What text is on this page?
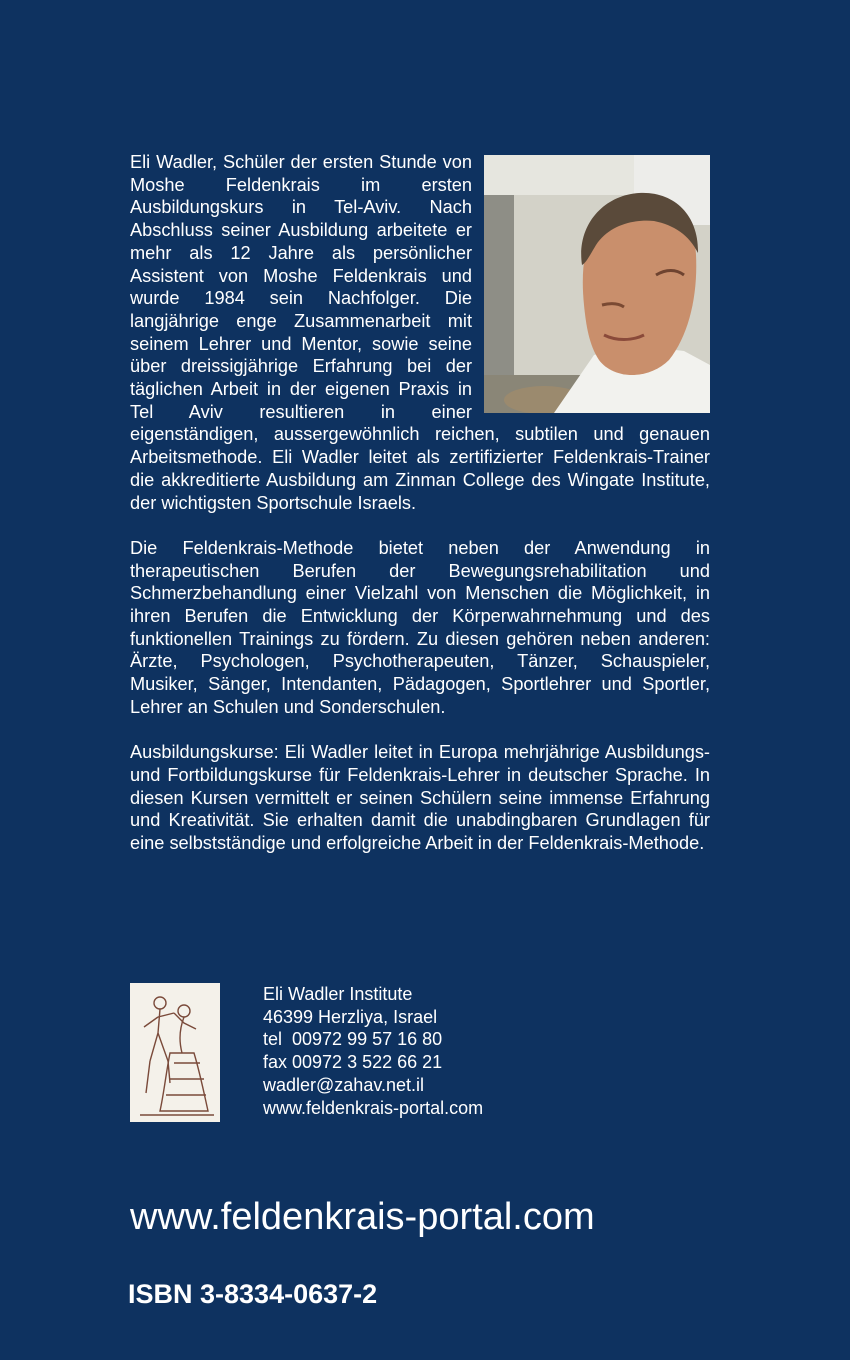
Eli Wadler, Schüler der ersten Stunde von Moshe Feldenkrais im ersten Ausbildungskurs in Tel-Aviv. Nach Abschluss seiner Ausbildung arbeitete er mehr als 12 Jahre als persönlicher Assistent von Moshe Feldenkrais und wurde 1984 sein Nachfolger. Die langjährige enge Zusammenarbeit mit seinem Lehrer und Mentor, sowie seine über dreissigjährige Erfahrung bei der täglichen Arbeit in der eigenen Praxis in Tel Aviv resultieren in einer eigenständigen, aussergewöhnlich reichen, subtilen und genauen Arbeitsmethode. Eli Wadler leitet als zertifizierter Feldenkrais-Trainer die akkreditierte Ausbildung am Zinman College des Wingate Institute, der wichtigsten Sportschule Israels.

Die Feldenkrais-Methode bietet neben der Anwendung in therapeutischen Berufen der Bewegungsrehabilitation und Schmerzbehandlung einer Vielzahl von Menschen die Möglichkeit, in ihren Berufen die Entwicklung der Körperwahrnehmung und des funktionellen Trainings zu fördern. Zu diesen gehören neben anderen: Ärzte, Psychologen, Psychotherapeuten, Tänzer, Schauspieler, Musiker, Sänger, Intendanten, Pädagogen, Sportlehrer und Sportler, Lehrer an Schulen und Sonderschulen.

Ausbildungskurse: Eli Wadler leitet in Europa mehrjährige Ausbildungs- und Fortbildungskurse für Feldenkrais-Lehrer in deutscher Sprache. In diesen Kursen vermittelt er seinen Schülern seine immense Erfahrung und Kreativität. Sie erhalten damit die unabdingbaren Grundlagen für eine selbstständige und erfolgreiche Arbeit in der Feldenkrais-Methode.

Eli Wadler Institute
46399 Herzliya, Israel
tel  00972 99 57 16 80
fax 00972 3 522 66 21
wadler@zahav.net.il
www.feldenkrais-portal.com
www.feldenkrais-portal.com
ISBN 3-8334-0637-2
